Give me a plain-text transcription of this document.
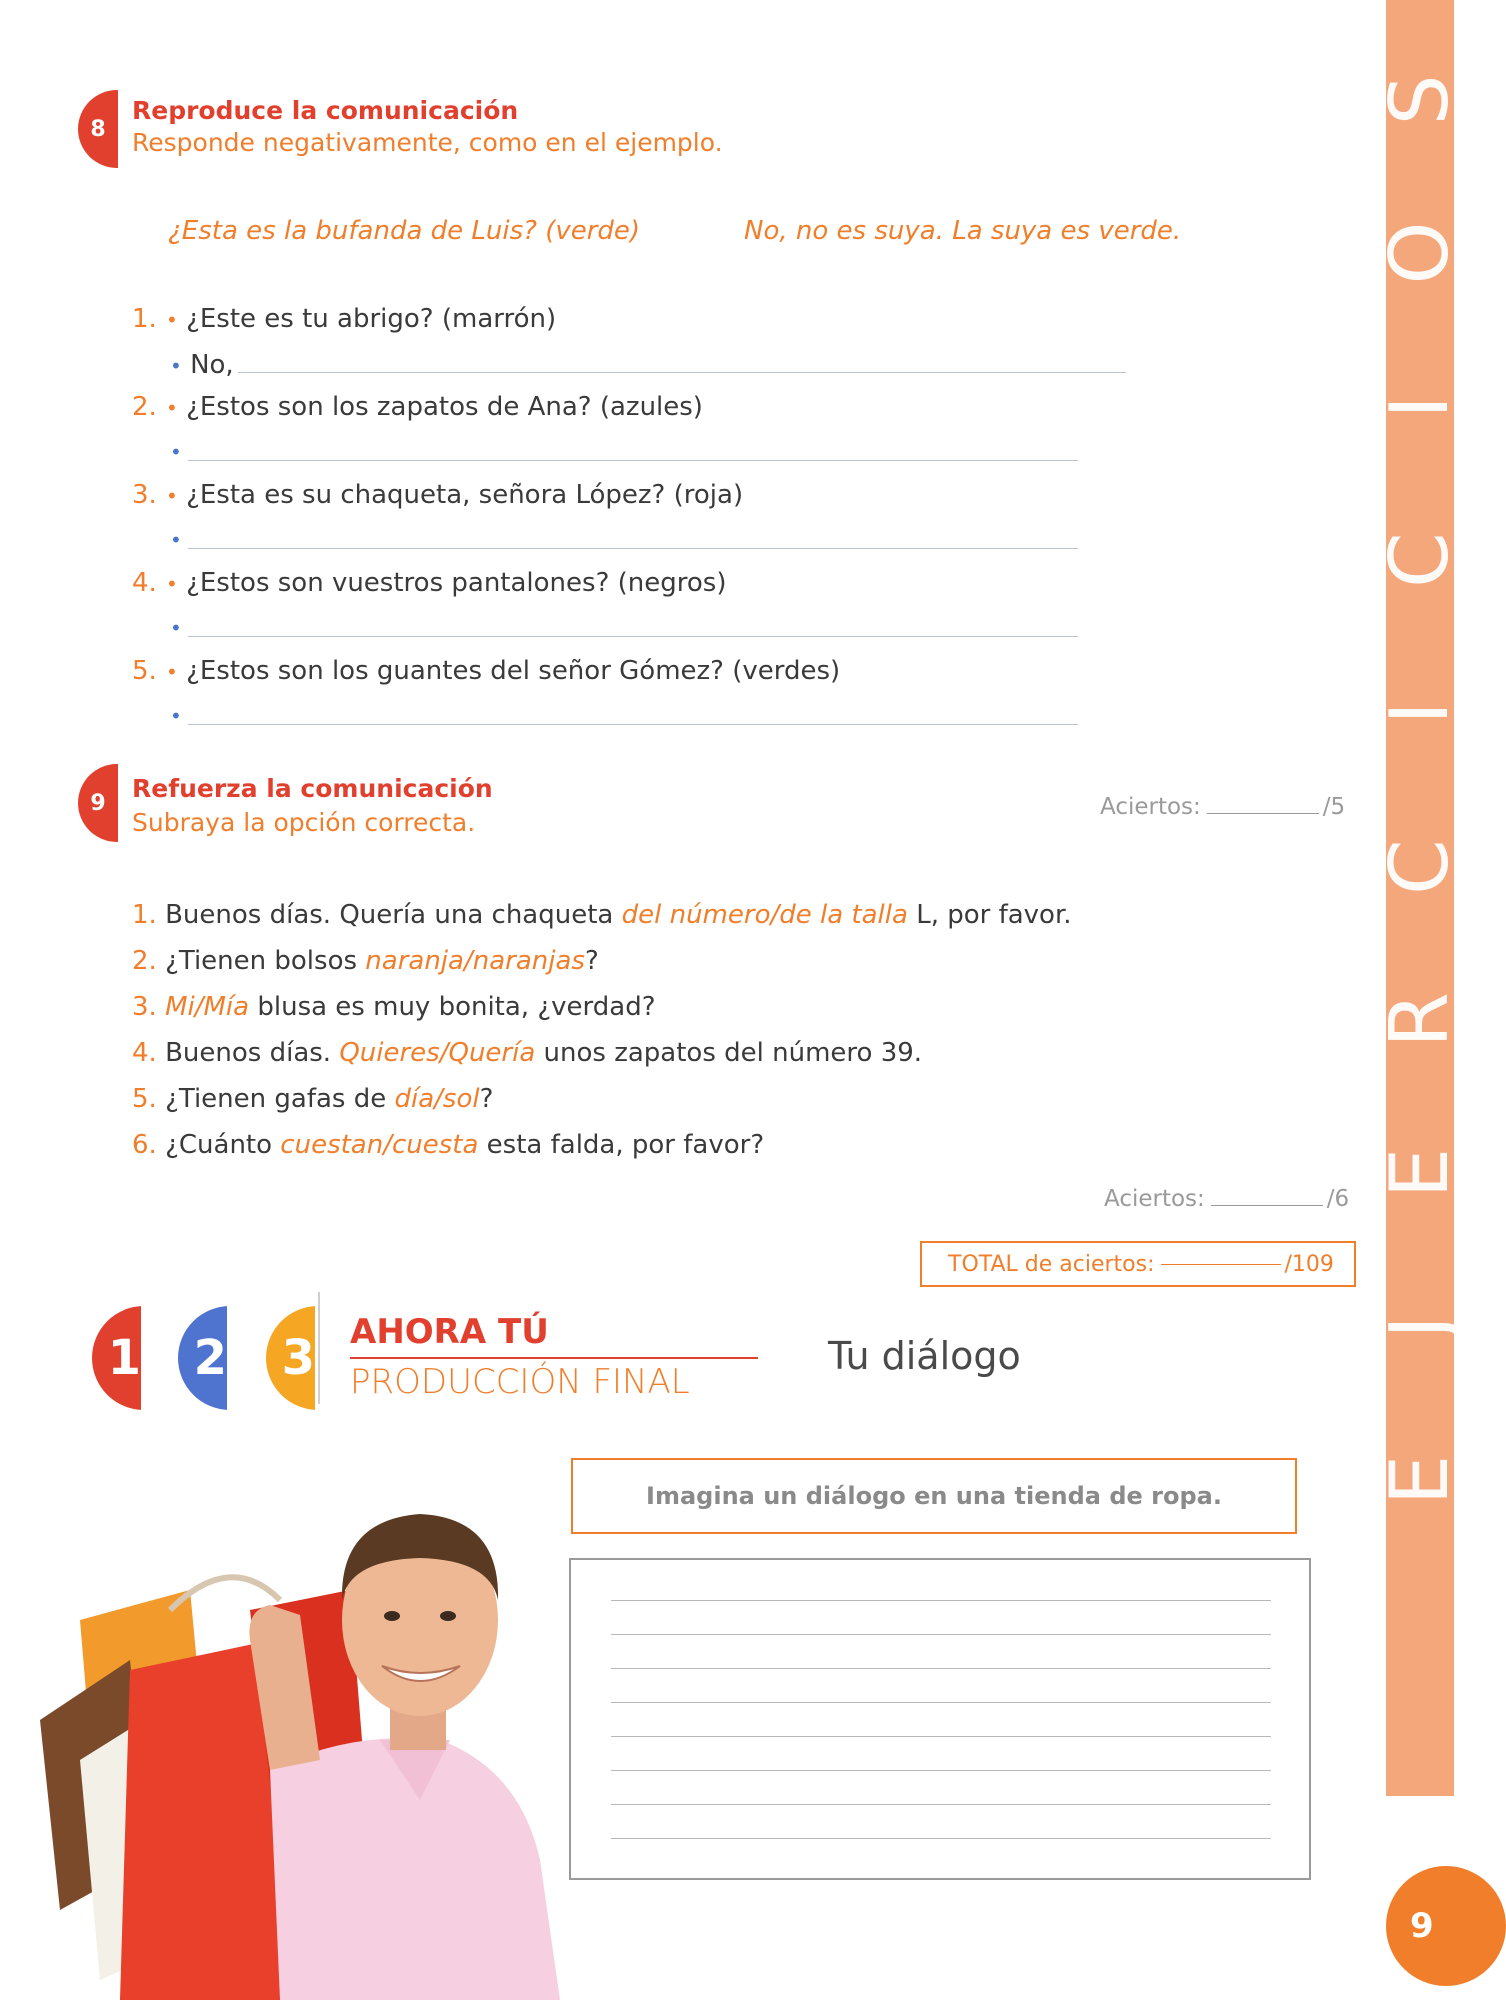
S
O
I
C
I
C
R
E
J
E
9
8
Reproduce la comunicación
Responde negativamente, como en el ejemplo.
¿Esta es la bufanda de Luis? (verde)	No, no es suya. La suya es verde.
1. • ¿Este es tu abrigo? (marrón)
• No,
2. • ¿Estos son los zapatos de Ana? (azules)
•
3. • ¿Esta es su chaqueta, señora López? (roja)
•
4. • ¿Estos son vuestros pantalones? (negros)
•
5. • ¿Estos son los guantes del señor Gómez? (verdes)
•
9	Refuerza la comunicación
Subraya la opción correcta.
Aciertos:	/5
1. Buenos días. Quería una chaqueta del número/de la talla L, por favor.
2. ¿Tienen bolsos naranja/naranjas?
3. Mi/Mía blusa es muy bonita, ¿verdad?
4. Buenos días. Quieres/Quería unos zapatos del número 39.
5. ¿Tienen gafas de día/sol?
6. ¿Cuánto cuestan/cuesta esta falda, por favor?
Aciertos:	/6
TOTAL de aciertos:	/109
1 2 3 AHORA TÚ
PRODUCCIÓN FINAL
Tu diálogo
Imagina un diálogo en una tienda de ropa.
